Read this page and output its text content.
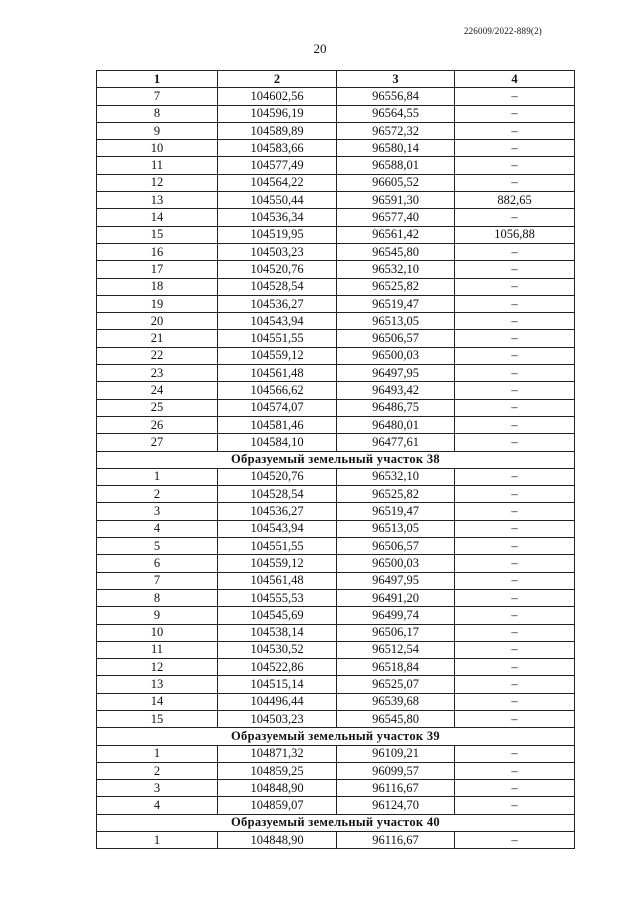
226009/2022-889(2)
20
1	2	3	4
7	104602,56	96556,84	–
8	104596,19	96564,55	–
9	104589,89	96572,32	–
10	104583,66	96580,14	–
11	104577,49	96588,01	–
12	104564,22	96605,52	–
13	104550,44	96591,30	882,65
14	104536,34	96577,40	–
15	104519,95	96561,42	1056,88
16	104503,23	96545,80	–
17	104520,76	96532,10	–
18	104528,54	96525,82	–
19	104536,27	96519,47	–
20	104543,94	96513,05	–
21	104551,55	96506,57	–
22	104559,12	96500,03	–
23	104561,48	96497,95	–
24	104566,62	96493,42	–
25	104574,07	96486,75	–
26	104581,46	96480,01	–
27	104584,10	96477,61	–
Образуемый земельный участок 38			
1	104520,76	96532,10	–
2	104528,54	96525,82	–
3	104536,27	96519,47	–
4	104543,94	96513,05	–
5	104551,55	96506,57	–
6	104559,12	96500,03	–
7	104561,48	96497,95	–
8	104555,53	96491,20	–
9	104545,69	96499,74	–
10	104538,14	96506,17	–
11	104530,52	96512,54	–
12	104522,86	96518,84	–
13	104515,14	96525,07	–
14	104496,44	96539,68	–
15	104503,23	96545,80	–
Образуемый земельный участок 39			
1	104871,32	96109,21	–
2	104859,25	96099,57	–
3	104848,90	96116,67	–
4	104859,07	96124,70	–
Образуемый земельный участок 40			
1	104848,90	96116,67	–
